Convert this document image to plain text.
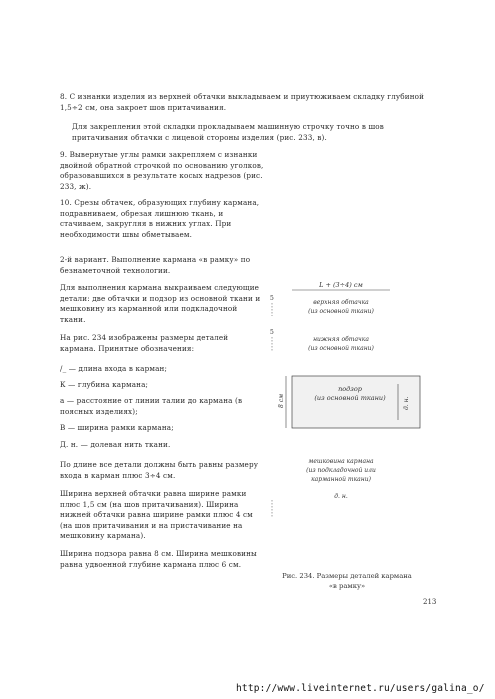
8. С изнанки изделия из верхней обтачки выкладываем и приутюживаем складку глубиной 1,5÷2 см, она закроет шов притачивания.

Для закрепления этой складки прокладываем машинную строчку точно в шов притачивания обтачки с лицевой стороны изделия (рис. 233, в).

9. Вывернутые углы рамки закрепляем с изнанки двойной обратной строчкой по основанию уголков, образовавшихся в результате косых надрезов (рис. 233, ж).

10. Срезы обтачек, образующих глубину кармана, подравниваем, обрезая лишнюю ткань, и стачиваем, закругляя в нижних углах. При необходимости швы обметываем.

2-й вариант. Выполнение кармана «в рамку» по безнаметочной технологии.

Для выполнения кармана выкраиваем следующие детали: две обтачки и подзор из основной ткани и мешковину из карманной или подкладочной ткани.

На рис. 234 изображены размеры деталей кармана. Принятые обозначения:

/_ — длина входа в карман;

К — глубина кармана;

а — расстояние от линии талии до кармана (в поясных изделиях);

В — ширина рамки кармана;

Д. н. — долевая нить ткани.

По длине все детали должны быть равны размеру входа в карман плюс 3÷4 см.

Ширина верхней обтачки равна ширине рамки плюс 1,5 см (на шов притачивания). Ширина нижней обтачки равна ширине рамки плюс 4 см (на шов притачивания и на пристачивание на мешковину кармана).

Ширина подзора равна 8 см. Ширина мешковины равна удвоенной глубине кармана плюс 6 см.

L + (3÷4) см
5
верхняя обтачка
(из основной ткани)
5
нижняя обтачка
(из основной ткани)
8 см
подзор
(из основной ткани)	д. н.
мешковина кармана
(из подкладочной или
карманной ткани)
д. н.
Рис. 234. Размеры деталей кармана
«в рамку»
213
http://www.liveinternet.ru/users/galina_o/
